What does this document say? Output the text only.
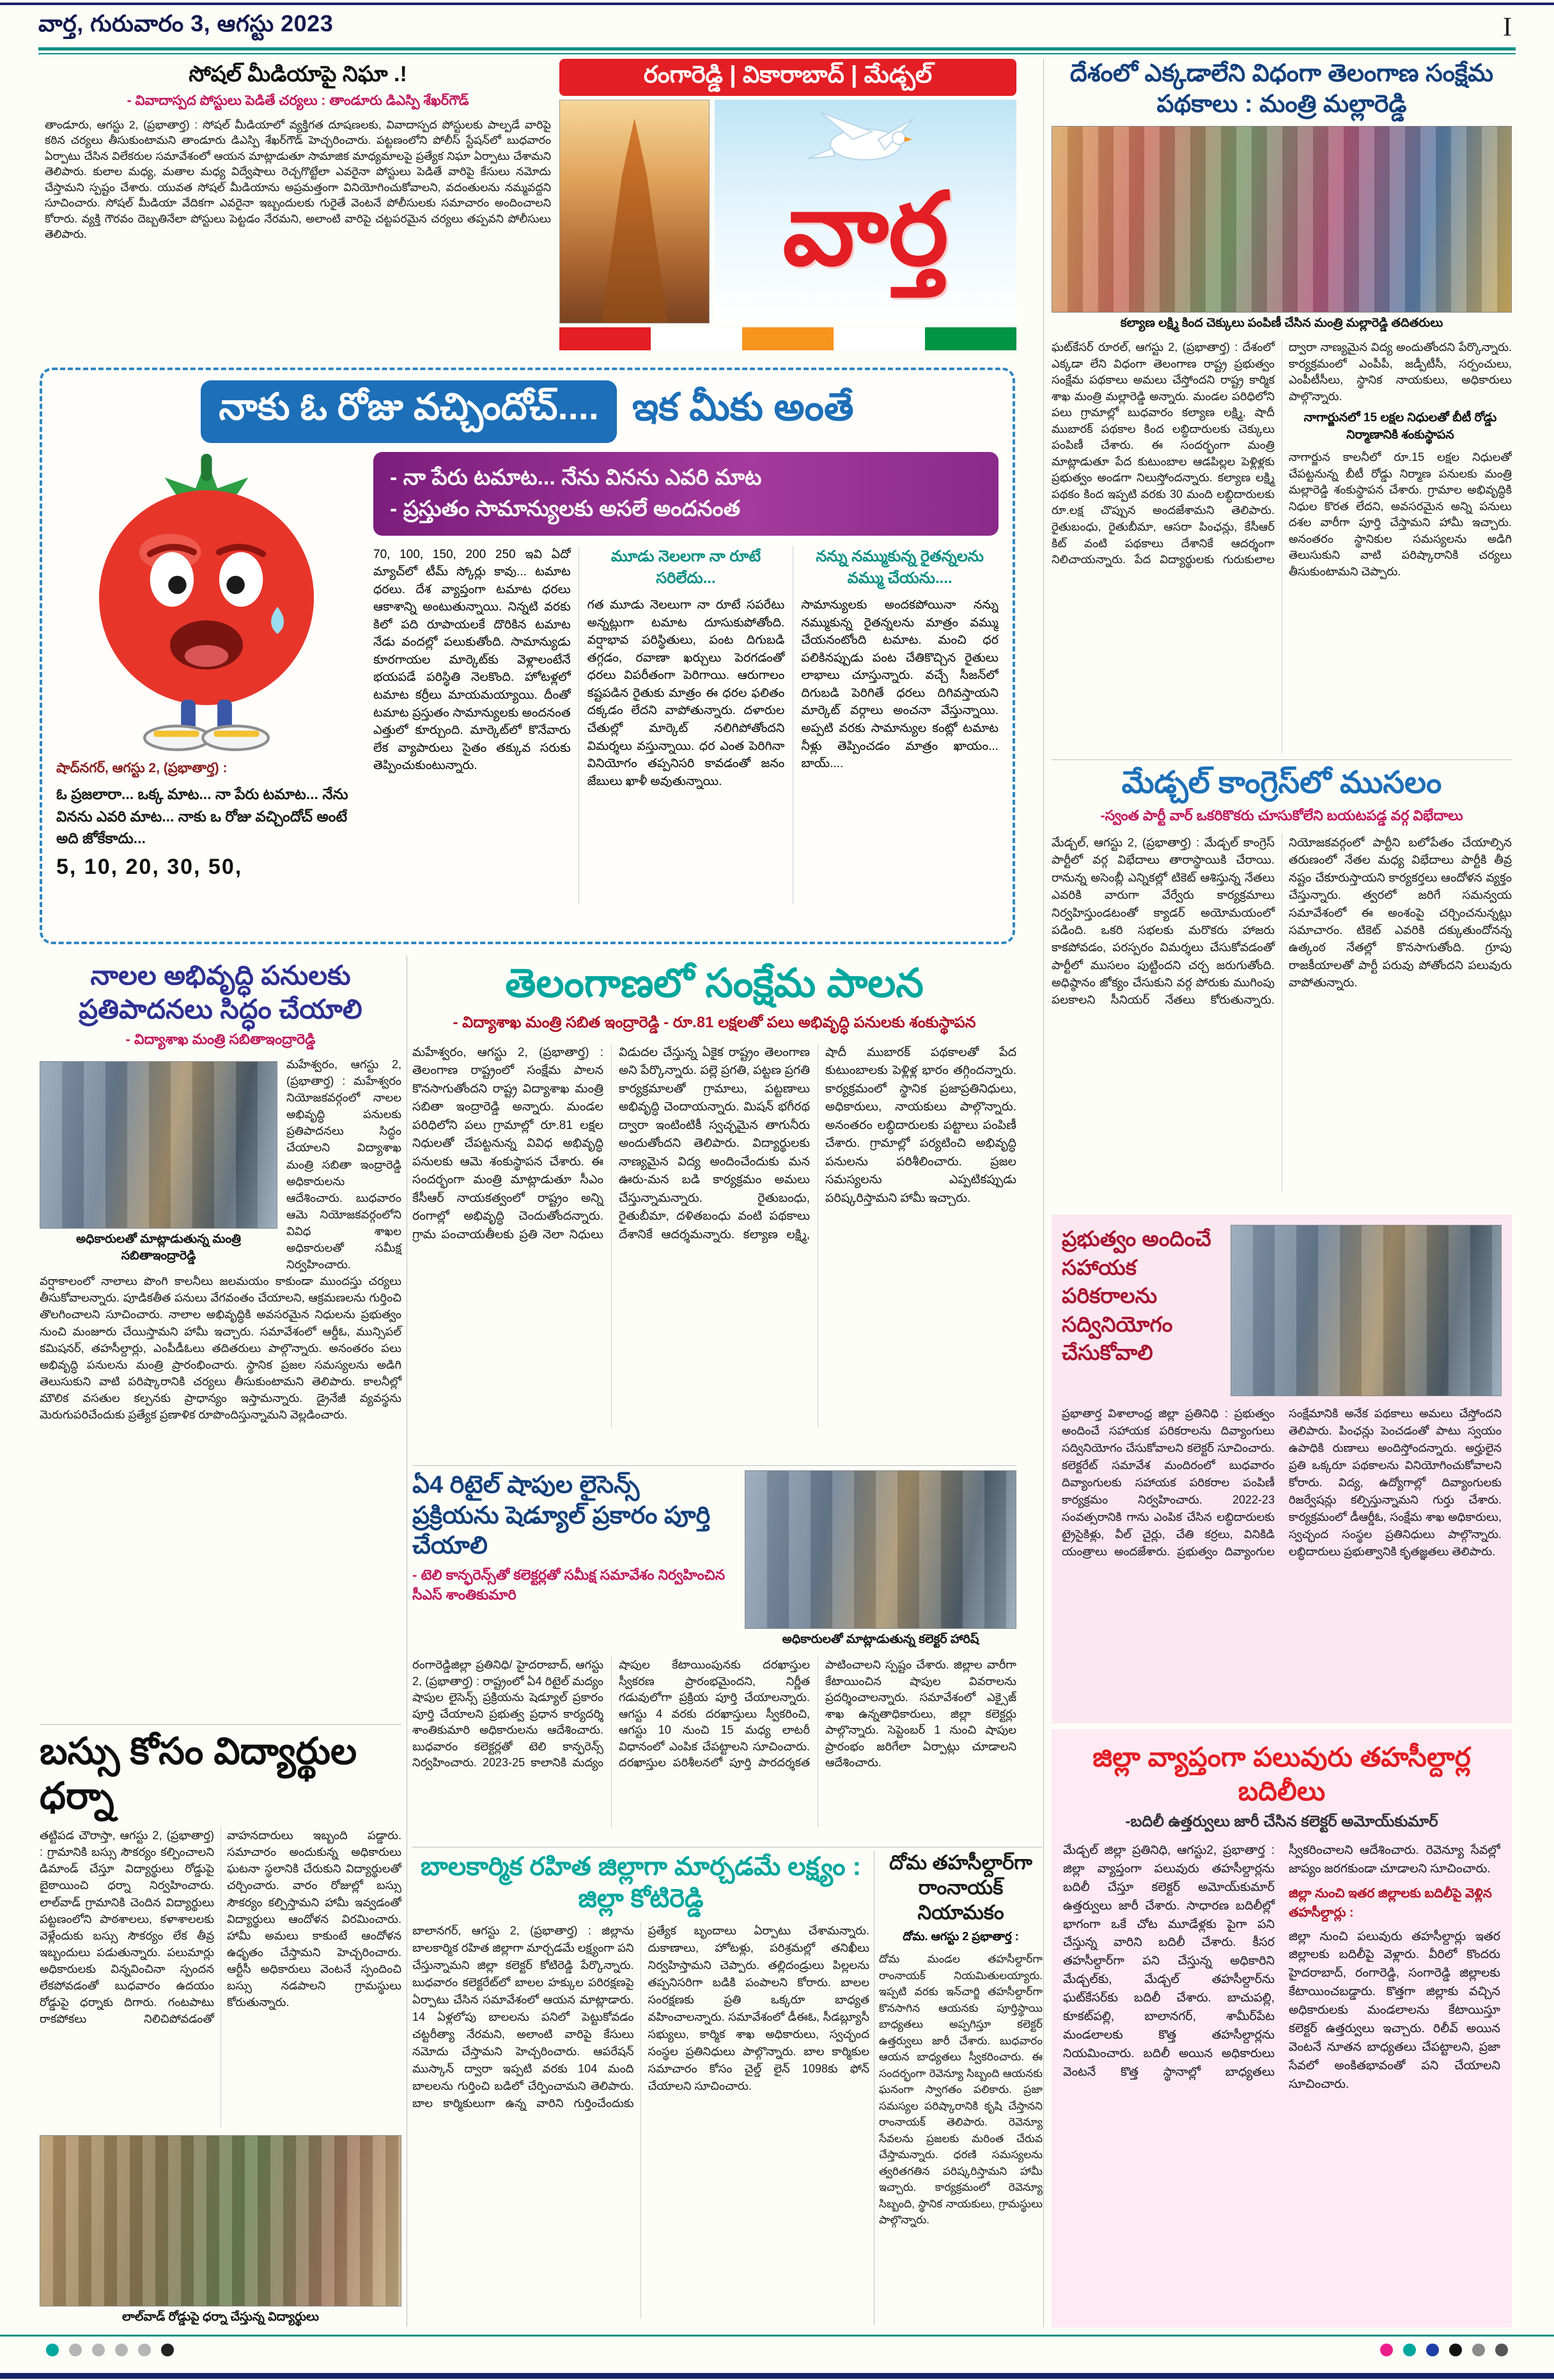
వార్త, గురువారం 3, ఆగస్టు 2023	I
సోషల్ మీడియాపై నిఘా .!
- వివాదాస్పద పోస్టులు పెడితే చర్యలు : తాండూరు డిఎస్పి శేఖర్‌గౌడ్
తాండూరు, ఆగస్టు 2, (ప్రభాతార్త) : సోషల్ మీడియాలో వ్యక్తిగత దూషణలకు, వివాదాస్పద పోస్టులకు పాల్పడే వారిపై కఠిన చర్యలు తీసుకుంటామని తాండూరు డిఎస్పి శేఖర్‌గౌడ్ హెచ్చరించారు. పట్టణంలోని పోలీస్ స్టేషన్‌లో బుధవారం ఏర్పాటు చేసిన విలేకరుల సమావేశంలో ఆయన మాట్లాడుతూ సామాజిక మాధ్యమాలపై ప్రత్యేక నిఘా ఏర్పాటు చేశామని తెలిపారు. కులాల మధ్య, మతాల మధ్య విద్వేషాలు రెచ్చగొట్టేలా ఎవరైనా పోస్టులు పెడితే వారిపై కేసులు నమోదు చేస్తామని స్పష్టం చేశారు. యువత సోషల్ మీడియాను అప్రమత్తంగా వినియోగించుకోవాలని, వదంతులను నమ్మవద్దని సూచించారు. సోషల్ మీడియా వేదికగా ఎవరైనా ఇబ్బందులకు గురైతే వెంటనే పోలీసులకు సమాచారం అందించాలని కోరారు. వ్యక్తి గౌరవం దెబ్బతినేలా పోస్టులు పెట్టడం నేరమని, అలాంటి వారిపై చట్టపరమైన చర్యలు తప్పవని పోలీసులు తెలిపారు.
రంగారెడ్డి | వికారాబాద్ | మేడ్చల్
వార్త
దేశంలో ఎక్కడాలేని విధంగా తెలంగాణ సంక్షేమ పథకాలు : మంత్రి మల్లారెడ్డి
కల్యాణ లక్ష్మి కింద చెక్కులు పంపిణీ చేసిన మంత్రి మల్లారెడ్డి తదితరులు

ఘట్‌కేసర్ రూరల్, ఆగస్టు 2, (ప్రభాతార్త) : దేశంలో ఎక్కడా లేని విధంగా తెలంగాణ రాష్ట్ర ప్రభుత్వం సంక్షేమ పథకాలు అమలు చేస్తోందని రాష్ట్ర కార్మిక శాఖ మంత్రి మల్లారెడ్డి అన్నారు. మండల పరిధిలోని పలు గ్రామాల్లో బుధవారం కల్యాణ లక్ష్మి, షాదీ ముబారక్ పథకాల కింద లబ్ధిదారులకు చెక్కులు పంపిణీ చేశారు. ఈ సందర్భంగా మంత్రి మాట్లాడుతూ పేద కుటుంబాల ఆడపిల్లల పెళ్లిళ్లకు ప్రభుత్వం అండగా నిలుస్తోందన్నారు. కల్యాణ లక్ష్మి పథకం కింద ఇప్పటి వరకు 30 మంది లబ్ధిదారులకు రూ.లక్ష చొప్పున అందజేశామని తెలిపారు. రైతుబంధు, రైతుబీమా, ఆసరా పింఛన్లు, కేసీఆర్ కిట్ వంటి పథకాలు దేశానికే ఆదర్శంగా నిలిచాయన్నారు. పేద విద్యార్థులకు గురుకులాల ద్వారా నాణ్యమైన విద్య అందుతోందని పేర్కొన్నారు. కార్యక్రమంలో ఎంపీపీ, జడ్పీటీసీ, సర్పంచులు, ఎంపీటీసీలు, స్థానిక నాయకులు, అధికారులు పాల్గొన్నారు.

నాగార్జునలో 15 లక్షల నిధులతో బీటీ రోడ్డు నిర్మాణానికి శంకుస్థాపన

నాగార్జున కాలనీలో రూ.15 లక్షల నిధులతో చేపట్టనున్న బీటీ రోడ్డు నిర్మాణ పనులకు మంత్రి మల్లారెడ్డి శంకుస్థాపన చేశారు. గ్రామాల అభివృద్ధికి నిధుల కొరత లేదని, అవసరమైన అన్ని పనులు దశల వారీగా పూర్తి చేస్తామని హామీ ఇచ్చారు. అనంతరం స్థానికుల సమస్యలను అడిగి తెలుసుకుని వాటి పరిష్కారానికి చర్యలు తీసుకుంటామని చెప్పారు.

నాకు ఓ రోజు వచ్చిందోచ్.... ఇక మీకు అంతే
షాద్‌నగర్, ఆగస్టు 2, (ప్రభాతార్త) :
ఓ ప్రజలారా... ఒక్క మాట... నా పేరు టమాట... నేను వినను ఎవరి మాట... నాకు ఒ రోజు వచ్చిందోచ్ అంటే అది జోకేకాదు...
5, 10, 20, 30, 50,
- నా పేరు టమాట... నేను వినను ఎవరి మాట
- ప్రస్తుతం సామాన్యులకు అసలే అందనంత

70, 100, 150, 200 250 ఇవి ఏదో మ్యాచ్‌లో టీమ్ స్కోర్లు కావు... టమాట ధరలు. దేశ వ్యాప్తంగా టమాట ధరలు ఆకాశాన్ని అంటుతున్నాయి. నిన్నటి వరకు కిలో పది రూపాయలకే దొరికిన టమాట నేడు వందల్లో పలుకుతోంది. సామాన్యుడు కూరగాయల మార్కెట్‌కు వెళ్లాలంటేనే భయపడే పరిస్థితి నెలకొంది. హోటళ్లలో టమాట కర్రీలు మాయమయ్యాయి. దీంతో టమాట ప్రస్తుతం సామాన్యులకు అందనంత ఎత్తులో కూర్చుంది. మార్కెట్‌లో కొనేవారు లేక వ్యాపారులు సైతం తక్కువ సరుకు తెప్పించుకుంటున్నారు.

మూడు నెలలగా నా రూటే సరిలేదు...

గత మూడు నెలలుగా నా రూటే సపరేటు అన్నట్లుగా టమాట దూసుకుపోతోంది. వర్షాభావ పరిస్థితులు, పంట దిగుబడి తగ్గడం, రవాణా ఖర్చులు పెరగడంతో ధరలు విపరీతంగా పెరిగాయి. ఆరుగాలం కష్టపడిన రైతుకు మాత్రం ఈ ధరల ఫలితం దక్కడం లేదని వాపోతున్నారు. దళారుల చేతుల్లో మార్కెట్ నలిగిపోతోందని విమర్శలు వస్తున్నాయి. ధర ఎంత పెరిగినా వినియోగం తప్పనిసరి కావడంతో జనం జేబులు ఖాళీ అవుతున్నాయి.

నన్ను నమ్ముకున్న రైతన్నలను వమ్ము చేయను....

సామాన్యులకు అందకపోయినా నన్ను నమ్ముకున్న రైతన్నలను మాత్రం వమ్ము చేయనంటోంది టమాట. మంచి ధర పలికినప్పుడు పంట చేతికొచ్చిన రైతులు లాభాలు చూస్తున్నారు. వచ్చే సీజన్‌లో దిగుబడి పెరిగితే ధరలు దిగివస్తాయని మార్కెట్ వర్గాలు అంచనా వేస్తున్నాయి. అప్పటి వరకు సామాన్యుల కంట్లో టమాట నీళ్లు తెప్పించడం మాత్రం ఖాయం... బాయ్....

నాలల అభివృద్ధి పనులకు ప్రతిపాదనలు సిద్ధం చేయాలి
- విద్యాశాఖ మంత్రి సబితాఇంద్రారెడ్డి
అధికారులతో మాట్లాడుతున్న మంత్రి సబితాఇంద్రారెడ్డి
మహేశ్వరం, ఆగస్టు 2, (ప్రభాతార్త) : మహేశ్వరం నియోజకవర్గంలో నాలల అభివృద్ధి పనులకు ప్రతిపాదనలు సిద్ధం చేయాలని విద్యాశాఖ మంత్రి సబితా ఇంద్రారెడ్డి అధికారులను ఆదేశించారు. బుధవారం ఆమె నియోజకవర్గంలోని వివిధ శాఖల అధికారులతో సమీక్ష నిర్వహించారు. వర్షాకాలంలో నాలాలు పొంగి కాలనీలు జలమయం కాకుండా ముందస్తు చర్యలు తీసుకోవాలన్నారు. పూడికతీత పనులు వేగవంతం చేయాలని, ఆక్రమణలను గుర్తించి తొలగించాలని సూచించారు. నాలాల అభివృద్ధికి అవసరమైన నిధులను ప్రభుత్వం నుంచి మంజూరు చేయిస్తామని హామీ ఇచ్చారు. సమావేశంలో ఆర్డీఓ, మున్సిపల్ కమిషనర్, తహసీల్దార్లు, ఎంపీడీఓలు తదితరులు పాల్గొన్నారు. అనంతరం పలు అభివృద్ధి పనులను మంత్రి ప్రారంభించారు. స్థానిక ప్రజల సమస్యలను అడిగి తెలుసుకుని వాటి పరిష్కారానికి చర్యలు తీసుకుంటామని తెలిపారు. కాలనీల్లో మౌలిక వసతుల కల్పనకు ప్రాధాన్యం ఇస్తామన్నారు. డ్రైనేజీ వ్యవస్థను మెరుగుపరిచేందుకు ప్రత్యేక ప్రణాళిక రూపొందిస్తున్నామని వెల్లడించారు.
తెలంగాణలో సంక్షేమ పాలన
- విద్యాశాఖ మంత్రి సబిత ఇంద్రారెడ్డి - రూ.81 లక్షలతో పలు అభివృద్ధి పనులకు శంకుస్థాపన
మహేశ్వరం, ఆగస్టు 2, (ప్రభాతార్త) : తెలంగాణ రాష్ట్రంలో సంక్షేమ పాలన కొనసాగుతోందని రాష్ట్ర విద్యాశాఖ మంత్రి సబితా ఇంద్రారెడ్డి అన్నారు. మండల పరిధిలోని పలు గ్రామాల్లో రూ.81 లక్షల నిధులతో చేపట్టనున్న వివిధ అభివృద్ధి పనులకు ఆమె శంకుస్థాపన చేశారు. ఈ సందర్భంగా మంత్రి మాట్లాడుతూ సీఎం కేసీఆర్ నాయకత్వంలో రాష్ట్రం అన్ని రంగాల్లో అభివృద్ధి చెందుతోందన్నారు. గ్రామ పంచాయతీలకు ప్రతి నెలా నిధులు విడుదల చేస్తున్న ఏకైక రాష్ట్రం తెలంగాణ అని పేర్కొన్నారు. పల్లె ప్రగతి, పట్టణ ప్రగతి కార్యక్రమాలతో గ్రామాలు, పట్టణాలు అభివృద్ధి చెందాయన్నారు. మిషన్ భగీరథ ద్వారా ఇంటింటికీ స్వచ్ఛమైన తాగునీరు అందుతోందని తెలిపారు. విద్యార్థులకు నాణ్యమైన విద్య అందించేందుకు మన ఊరు-మన బడి కార్యక్రమం అమలు చేస్తున్నామన్నారు. రైతుబంధు, రైతుబీమా, దళితబంధు వంటి పథకాలు దేశానికే ఆదర్శమన్నారు. కల్యాణ లక్ష్మి, షాదీ ముబారక్ పథకాలతో పేద కుటుంబాలకు పెళ్లిళ్ల భారం తగ్గిందన్నారు. కార్యక్రమంలో స్థానిక ప్రజాప్రతినిధులు, అధికారులు, నాయకులు పాల్గొన్నారు. అనంతరం లబ్ధిదారులకు పట్టాలు పంపిణీ చేశారు. గ్రామాల్లో పర్యటించి అభివృద్ధి పనులను పరిశీలించారు. ప్రజల సమస్యలను ఎప్పటికప్పుడు పరిష్కరిస్తామని హామీ ఇచ్చారు.
ఏ4 రిటైల్ షాపుల లైసెన్స్ ప్రక్రియను షెడ్యూల్ ప్రకారం పూర్తి చేయాలి
- టెలి కాన్ఫరెన్స్‌తో కలెక్టర్లతో సమీక్ష సమావేశం నిర్వహించిన సీఎస్ శాంతికుమారి
అధికారులతో మాట్లాడుతున్న కలెక్టర్ హారిష్
రంగారెడ్డిజిల్లా ప్రతినిధి/ హైదరాబాద్, ఆగస్టు 2, (ప్రభాతార్త) : రాష్ట్రంలో ఏ4 రిటైల్ మద్యం షాపుల లైసెన్స్ ప్రక్రియను షెడ్యూల్ ప్రకారం పూర్తి చేయాలని ప్రభుత్వ ప్రధాన కార్యదర్శి శాంతికుమారి అధికారులను ఆదేశించారు. బుధవారం కలెక్టర్లతో టెలి కాన్ఫరెన్స్ నిర్వహించారు. 2023-25 కాలానికి మద్యం షాపుల కేటాయింపునకు దరఖాస్తుల స్వీకరణ ప్రారంభమైందని, నిర్ణీత గడువులోగా ప్రక్రియ పూర్తి చేయాలన్నారు. ఆగస్టు 4 వరకు దరఖాస్తులు స్వీకరించి, ఆగస్టు 10 నుంచి 15 మధ్య లాటరీ విధానంలో ఎంపిక చేపట్టాలని సూచించారు. దరఖాస్తుల పరిశీలనలో పూర్తి పారదర్శకత పాటించాలని స్పష్టం చేశారు. జిల్లాల వారీగా కేటాయించిన షాపుల వివరాలను ప్రదర్శించాలన్నారు. సమావేశంలో ఎక్సైజ్ శాఖ ఉన్నతాధికారులు, జిల్లా కలెక్టర్లు పాల్గొన్నారు. సెప్టెంబర్ 1 నుంచి షాపుల ప్రారంభం జరిగేలా ఏర్పాట్లు చూడాలని ఆదేశించారు.
మేడ్చల్ కాంగ్రెస్‌లో ముసలం
-స్వంత పార్టీ వార్ ఒకరికొకరు చూసుకోలేని బయటపడ్డ వర్గ విభేదాలు
మేడ్చల్, ఆగస్టు 2, (ప్రభాతార్త) : మేడ్చల్ కాంగ్రెస్ పార్టీలో వర్గ విభేదాలు తారాస్థాయికి చేరాయి. రానున్న అసెంబ్లీ ఎన్నికల్లో టికెట్ ఆశిస్తున్న నేతలు ఎవరికి వారుగా వేర్వేరు కార్యక్రమాలు నిర్వహిస్తుండటంతో క్యాడర్ అయోమయంలో పడింది. ఒకరి సభలకు మరొకరు హాజరు కాకపోవడం, పరస్పరం విమర్శలు చేసుకోవడంతో పార్టీలో ముసలం పుట్టిందని చర్చ జరుగుతోంది. అధిష్ఠానం జోక్యం చేసుకుని వర్గ పోరుకు ముగింపు పలకాలని సీనియర్ నేతలు కోరుతున్నారు. నియోజకవర్గంలో పార్టీని బలోపేతం చేయాల్సిన తరుణంలో నేతల మధ్య విభేదాలు పార్టీకి తీవ్ర నష్టం చేకూరుస్తాయని కార్యకర్తలు ఆందోళన వ్యక్తం చేస్తున్నారు. త్వరలో జరిగే సమన్వయ సమావేశంలో ఈ అంశంపై చర్చించనున్నట్లు సమాచారం. టికెట్ ఎవరికి దక్కుతుందోనన్న ఉత్కంఠ నేతల్లో కొనసాగుతోంది. గ్రూపు రాజకీయాలతో పార్టీ పరువు పోతోందని పలువురు వాపోతున్నారు.
ప్రభుత్వం అందించే సహాయక పరికరాలను సద్వినియోగం చేసుకోవాలి
ప్రభాతార్త విశాలాంధ్ర జిల్లా ప్రతినిధి : ప్రభుత్వం అందించే సహాయక పరికరాలను దివ్యాంగులు సద్వినియోగం చేసుకోవాలని కలెక్టర్ సూచించారు. కలెక్టరేట్ సమావేశ మందిరంలో బుధవారం దివ్యాంగులకు సహాయక పరికరాల పంపిణీ కార్యక్రమం నిర్వహించారు. 2022-23 సంవత్సరానికి గాను ఎంపిక చేసిన లబ్ధిదారులకు ట్రైసైకిళ్లు, వీల్ చైర్లు, చేతి కర్రలు, వినికిడి యంత్రాలు అందజేశారు. ప్రభుత్వం దివ్యాంగుల సంక్షేమానికి అనేక పథకాలు అమలు చేస్తోందని తెలిపారు. పింఛన్లు పెంచడంతో పాటు స్వయం ఉపాధికి రుణాలు అందిస్తోందన్నారు. అర్హులైన ప్రతి ఒక్కరూ పథకాలను వినియోగించుకోవాలని కోరారు. విద్య, ఉద్యోగాల్లో దివ్యాంగులకు రిజర్వేషన్లు కల్పిస్తున్నామని గుర్తు చేశారు. కార్యక్రమంలో డీఆర్డీఓ, సంక్షేమ శాఖ అధికారులు, స్వచ్ఛంద సంస్థల ప్రతినిధులు పాల్గొన్నారు. లబ్ధిదారులు ప్రభుత్వానికి కృతజ్ఞతలు తెలిపారు.
బస్సు కోసం విద్యార్థుల ధర్నా
తట్టిపడ చౌరాస్తా, ఆగస్టు 2, (ప్రభాతార్త) : గ్రామానికి బస్సు సౌకర్యం కల్పించాలని డిమాండ్ చేస్తూ విద్యార్థులు రోడ్డుపై బైఠాయించి ధర్నా నిర్వహించారు. లాల్‌వాడ్ గ్రామానికి చెందిన విద్యార్థులు పట్టణంలోని పాఠశాలలు, కళాశాలలకు వెళ్లేందుకు బస్సు సౌకర్యం లేక తీవ్ర ఇబ్బందులు పడుతున్నారు. పలుమార్లు అధికారులకు విన్నవించినా స్పందన లేకపోవడంతో బుధవారం ఉదయం రోడ్డుపై ధర్నాకు దిగారు. గంటపాటు రాకపోకలు నిలిచిపోవడంతో వాహనదారులు ఇబ్బంది పడ్డారు. సమాచారం అందుకున్న అధికారులు ఘటనా స్థలానికి చేరుకుని విద్యార్థులతో చర్చించారు. వారం రోజుల్లో బస్సు సౌకర్యం కల్పిస్తామని హామీ ఇవ్వడంతో విద్యార్థులు ఆందోళన విరమించారు. హామీ అమలు కాకుంటే ఆందోళన ఉధృతం చేస్తామని హెచ్చరించారు. ఆర్టీసీ అధికారులు వెంటనే స్పందించి బస్సు నడపాలని గ్రామస్థులు కోరుతున్నారు.
లాల్‌వాడ్ రోడ్డుపై ధర్నా చేస్తున్న విద్యార్థులు
బాలకార్మిక రహిత జిల్లాగా మార్చడమే లక్ష్యం : జిల్లా కోటిరెడ్డి
బాలానగర్, ఆగస్టు 2, (ప్రభాతార్త) : జిల్లాను బాలకార్మిక రహిత జిల్లాగా మార్చడమే లక్ష్యంగా పని చేస్తున్నామని జిల్లా కలెక్టర్ కోటిరెడ్డి పేర్కొన్నారు. బుధవారం కలెక్టరేట్‌లో బాలల హక్కుల పరిరక్షణపై ఏర్పాటు చేసిన సమావేశంలో ఆయన మాట్లాడారు. 14 ఏళ్లలోపు బాలలను పనిలో పెట్టుకోవడం చట్టరీత్యా నేరమని, అలాంటి వారిపై కేసులు నమోదు చేస్తామని హెచ్చరించారు. ఆపరేషన్ ముస్కాన్ ద్వారా ఇప్పటి వరకు 104 మంది బాలలను గుర్తించి బడిలో చేర్పించామని తెలిపారు. బాల కార్మికులుగా ఉన్న వారిని గుర్తించేందుకు ప్రత్యేక బృందాలు ఏర్పాటు చేశామన్నారు. దుకాణాలు, హోటళ్లు, పరిశ్రమల్లో తనిఖీలు నిర్వహిస్తామని చెప్పారు. తల్లిదండ్రులు పిల్లలను తప్పనిసరిగా బడికి పంపాలని కోరారు. బాలల సంరక్షణకు ప్రతి ఒక్కరూ బాధ్యత వహించాలన్నారు. సమావేశంలో డీఈఓ, సీడబ్ల్యూసీ సభ్యులు, కార్మిక శాఖ అధికారులు, స్వచ్ఛంద సంస్థల ప్రతినిధులు పాల్గొన్నారు. బాల కార్మికుల సమాచారం కోసం చైల్డ్ లైన్ 1098కు ఫోన్ చేయాలని సూచించారు.
దోమ తహసీల్దార్‌గా రాంనాయక్ నియామకం
దోమ. ఆగస్టు 2 ప్రభాతార్త :
దోమ మండల తహసీల్దార్‌గా రాంనాయక్ నియమితులయ్యారు. ఇప్పటి వరకు ఇన్‌చార్జి తహసీల్దార్‌గా కొనసాగిన ఆయనకు పూర్తిస్థాయి బాధ్యతలు అప్పగిస్తూ కలెక్టర్ ఉత్తర్వులు జారీ చేశారు. బుధవారం ఆయన బాధ్యతలు స్వీకరించారు. ఈ సందర్భంగా రెవెన్యూ సిబ్బంది ఆయనకు ఘనంగా స్వాగతం పలికారు. ప్రజా సమస్యల పరిష్కారానికి కృషి చేస్తానని రాంనాయక్ తెలిపారు. రెవెన్యూ సేవలను ప్రజలకు మరింత చేరువ చేస్తామన్నారు. ధరణి సమస్యలను త్వరితగతిన పరిష్కరిస్తామని హామీ ఇచ్చారు. కార్యక్రమంలో రెవెన్యూ సిబ్బంది, స్థానిక నాయకులు, గ్రామస్థులు పాల్గొన్నారు.
జిల్లా వ్యాప్తంగా పలువురు తహసీల్దార్ల బదిలీలు
-బదిలీ ఉత్తర్వులు జారీ చేసిన కలెక్టర్ అమోయ్‌కుమార్

మేడ్చల్ జిల్లా ప్రతినిధి, ఆగస్టు2, ప్రభాతార్త : జిల్లా వ్యాప్తంగా పలువురు తహసీల్దార్లను బదిలీ చేస్తూ కలెక్టర్ అమోయ్‌కుమార్ ఉత్తర్వులు జారీ చేశారు. సాధారణ బదిలీల్లో భాగంగా ఒకే చోట మూడేళ్లకు పైగా పని చేస్తున్న వారిని బదిలీ చేశారు. కీసర తహసీల్దార్‌గా పని చేస్తున్న అధికారిని మేడ్చల్‌కు, మేడ్చల్ తహసీల్దార్‌ను ఘట్‌కేసర్‌కు బదిలీ చేశారు. బాచుపల్లి, కూకట్‌పల్లి, బాలానగర్, శామీర్‌పేట మండలాలకు కొత్త తహసీల్దార్లను నియమించారు. బదిలీ అయిన అధికారులు వెంటనే కొత్త స్థానాల్లో బాధ్యతలు స్వీకరించాలని ఆదేశించారు. రెవెన్యూ సేవల్లో జాప్యం జరగకుండా చూడాలని సూచించారు.

జిల్లా నుంచి ఇతర జిల్లాలకు బదిలీపై వెళ్లిన తహసీల్దార్లు :

జిల్లా నుంచి పలువురు తహసీల్దార్లు ఇతర జిల్లాలకు బదిలీపై వెళ్లారు. వీరిలో కొందరు హైదరాబాద్, రంగారెడ్డి, సంగారెడ్డి జిల్లాలకు కేటాయించబడ్డారు. కొత్తగా జిల్లాకు వచ్చిన అధికారులకు మండలాలను కేటాయిస్తూ కలెక్టర్ ఉత్తర్వులు ఇచ్చారు. రిలీవ్ అయిన వెంటనే నూతన బాధ్యతలు చేపట్టాలని, ప్రజా సేవలో అంకితభావంతో పని చేయాలని సూచించారు.
